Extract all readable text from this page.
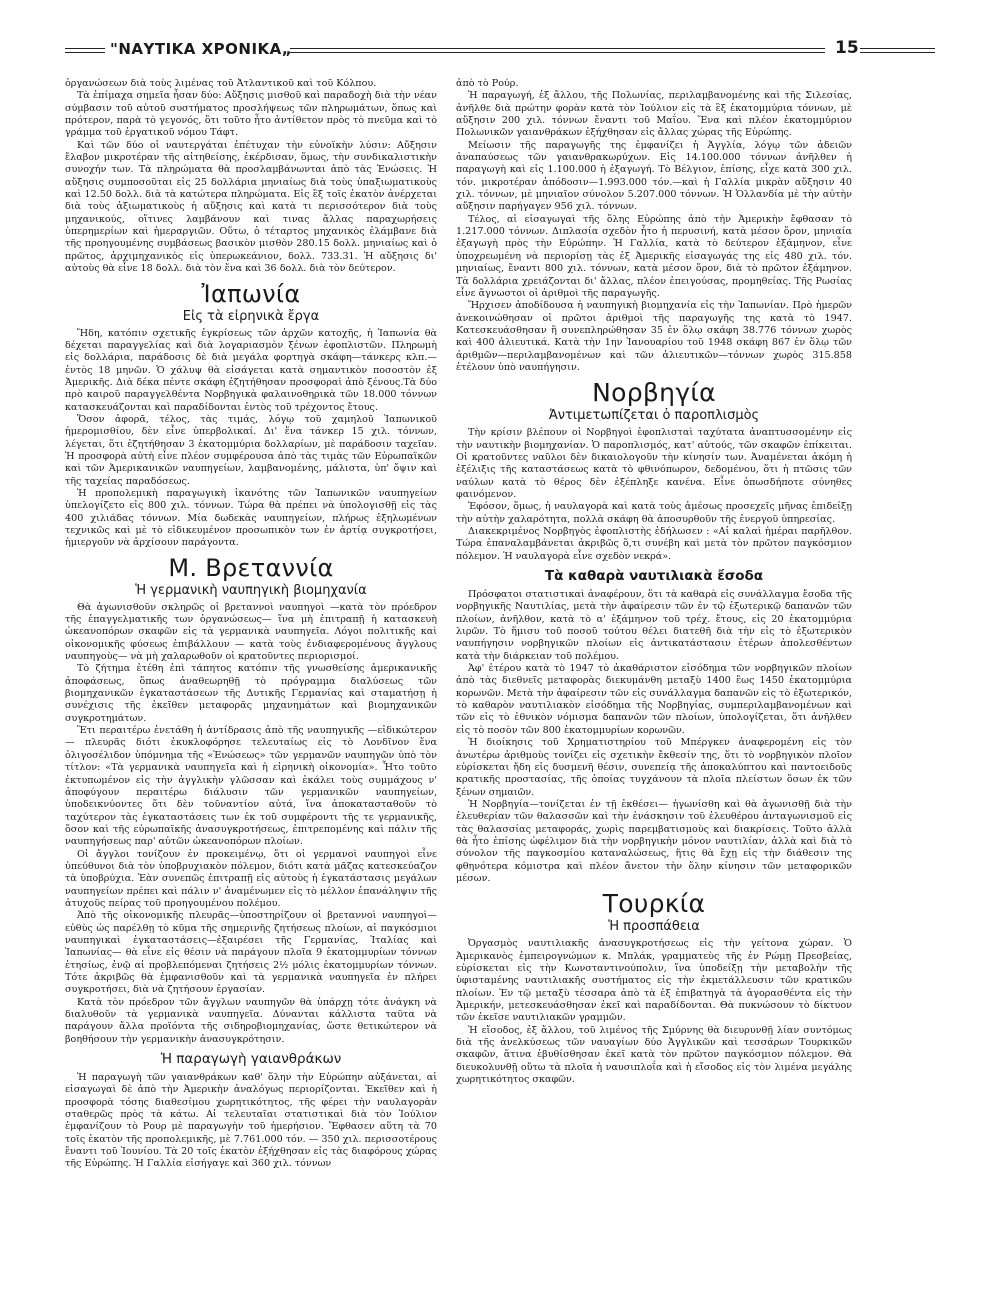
"ΝΑΥΤΙΚΑ ΧΡΟΝΙΚΑ„	15

ὀργανώσεων διὰ τοὺς λιμένας τοῦ Ἀτλαντικοῦ καὶ τοῦ Κόλπου.

Τὰ ἐπίμαχα σημεῖα ἦσαν δύο: Αὔξησις μισθοῦ καὶ παραδοχὴ διὰ τὴν νέαν σύμβασιν τοῦ αὐτοῦ συστήματος προσλήψεως τῶν πληρωμάτων, ὅπως καὶ πρότερον, παρὰ τὸ γεγονός, ὅτι τοῦτο ἦτο ἀντίθετον πρὸς τὸ πνεῦμα καὶ τὸ γράμμα τοῦ ἐργατικοῦ νόμου Τάφτ.

Καὶ τῶν δύο οἱ ναυτεργάται ἐπέτυχαν τὴν εὐνοϊκὴν λύσιν: Αὔξησιν ἔλαβον μικροτέραν τῆς αἰτηθείσης, ἐκέρδισαν, ὅμως, τὴν συνδικαλιστικὴν συνοχήν των. Τὰ πληρώματα θὰ προσλαμβάνωνται ἀπὸ τὰς Ἑνώσεις. Ἡ αὔξησις συμποσοῦται εἰς 25 δολλάρια μηνιαίως διὰ τοὺς ὑπαξιωματικοὺς καὶ 12.50 δολλ. διὰ τὰ κατώτερα πληρώματα. Εἰς ἓξ τοῖς ἑκατὸν ἀνέρχεται διὰ τοὺς ἀξιωματικοὺς ἡ αὔξησις καὶ κατὰ τι περισσότερον διὰ τοὺς μηχανικούς, οἵτινες λαμβάνουν καὶ τινας ἄλλας παραχωρήσεις ὑπερημερίων καὶ ἡμεραργιῶν. Οὕτω, ὁ τέταρτος μηχανικὸς ἐλάμβανε διὰ τῆς προηγουμένης συμβάσεως βασικὸν μισθὸν 280.15 δολλ. μηνιαίως καὶ ὁ πρῶτος, ἀρχιμηχανικὸς εἰς ὑπερωκεάνιον, δολλ. 733.31. Ἡ αὔξησις δι' αὐτοὺς θὰ εἶνε 18 δολλ. διὰ τὸν ἕνα καὶ 36 δολλ. διὰ τὸν δεύτερον.

Ἰαπωνία
Εἰς τὰ εἰρηνικὰ ἔργα

Ἤδη, κατόπιν σχετικῆς ἐγκρίσεως τῶν ἀρχῶν κατοχῆς, ἡ Ἰαπωνία θὰ δέχεται παραγγελίας καὶ διὰ λογαριασμὸν ξένων ἐφοπλιστῶν. Πληρωμὴ εἰς δολλάρια, παράδοσις δὲ διὰ μεγάλα φορτηγὰ σκάφη—τάνκερς κλπ.—ἐντὸς 18 μηνῶν. Ὁ χάλυψ θὰ εἰσάγεται κατὰ σημαντικὸν ποσοστὸν ἐξ Ἀμερικῆς. Διὰ δέκα πέντε σκάφη ἐζητήθησαν προσφοραὶ ἀπὸ ξένους.Τὰ δύο πρὸ καιροῦ παραγγελθέντα Νορβηγικὰ φαλαινοθηρικὰ τῶν 18.000 τόννων κατασκευάζονται καὶ παραδίδονται ἐντὸς τοῦ τρέχοντος ἔτους.

Ὅσον ἀφορᾶ, τέλος, τὰς τιμάς, λόγῳ τοῦ χαμηλοῦ Ἰαπωνικοῦ ἡμερομισθίου, δὲν εἶνε ὑπερβολικαί. Δι' ἕνα τάνκερ 15 χιλ. τόννων, λέγεται, ὅτι ἐζητήθησαν 3 ἑκατομμύρια δολλαρίων, μὲ παράδοσιν ταχεῖαν. Ἡ προσφορὰ αὐτὴ εἶνε πλέον συμφέρουσα ἀπὸ τὰς τιμὰς τῶν Εὐρωπαϊκῶν καὶ τῶν Ἀμερικανικῶν ναυπηγείων, λαμβανομένης, μάλιστα, ὑπ' ὄψιν καὶ τῆς ταχείας παραδόσεως.

Ἡ προπολεμικὴ παραγωγικὴ ἱκανότης τῶν Ἰαπωνικῶν ναυπηγείων ὑπελογίζετο εἰς 800 χιλ. τόννων. Τώρα θὰ πρέπει νὰ ὑπολογισθῇ εἰς τὰς 400 χιλιάδας τόννων. Μία δωδεκὰς ναυπηγείων, πλήρως ἐξηλωμένων τεχνικῶς καὶ μὲ τὸ εἰδικευμένον προσωπικὸν των ἐν ἀρτίᾳ συγκροτήσει, ἡμιεργοῦν νὰ ἀρχίσουν παράγοντα.

Μ. Βρεταννία
Ἡ γερμανικὴ ναυπηγικὴ βιομηχανία

Θὰ ἀγωνισθοῦν σκληρῶς οἱ βρεταννοὶ ναυπηγοὶ —κατὰ τὸν πρόεδρον τῆς ἐπαγγελματικῆς των ὀργανώσεως— ἵνα μὴ ἐπιτραπῇ ἡ κατασκευὴ ὠκεανοπόρων σκαφῶν εἰς τὰ γερμανικὰ ναυπηγεῖα. Λόγοι πολιτικῆς καὶ οἰκονομικῆς φύσεως ἐπιβάλλουν — κατὰ τοὺς ἐνδιαφερομένους ἄγγλους ναυπηγοὺς— νὰ μὴ χαλαρωθοῦν οἱ κρατοῦντες περιορισμοί.

Τὸ ζήτημα ἐτέθη ἐπὶ τάπητος κατόπιν τῆς γνωσθείσης ἀμερικανικῆς ἀποφάσεως, ὅπως ἀναθεωρηθῇ τὸ πρόγραμμα διαλύσεως τῶν βιομηχανικῶν ἐγκαταστάσεων τῆς Δυτικῆς Γερμανίας καὶ σταματήσῃ ἡ συνέχισις τῆς ἐκεῖθεν μεταφορᾶς μηχανημάτων καὶ βιομηχανικῶν συγκροτημάτων.

Ἔτι περαιτέρω ἐνετάθη ἡ ἀντίδρασις ἀπὸ τῆς ναυπηγικῆς —εἰδικώτερον— πλευρᾶς διότι ἐκυκλοφόρησε τελευταίως εἰς τὸ Λονδῖνον ἕνα ὀλιγοσέλιδον ὑπόμνημα τῆς «Ἑνώσεως» τῶν γερμανῶν ναυπηγῶν ὑπὸ τὸν τίτλον: «Τὰ γερμανικὰ ναυπηγεῖα καὶ ἡ εἰρηνικὴ οἰκονομία». Ἦτο τοῦτο ἐκτυπωμένον εἰς τὴν ἀγγλικὴν γλῶσσαν καὶ ἐκάλει τοὺς συμμάχους ν' ἀποφύγουν περαιτέρω διάλυσιν τῶν γερμανικῶν ναυπηγείων, ὑποδεικνύοντες ὅτι δὲν τοῦναντίον αὐτά, ἵνα ἀποκατασταθοῦν τὸ ταχύτερον τὰς ἐγκαταστάσεις των ἐκ τοῦ συμφέροντι τῆς τε γερμανικῆς, ὅσον καὶ τῆς εὐρωπαϊκῆς ἀνασυγκροτήσεως, ἐπιτρεπομένης καὶ πάλιν τῆς ναυπηγήσεως παρ' αὐτῶν ὠκεανοπόρων πλοίων.

Οἱ ἄγγλοι τονίζουν ἐν προκειμένῳ, ὅτι οἱ γερμανοὶ ναυπηγοὶ εἶνε ὑπεύθυνοι διὰ τὸν ὑποβρυχιακὸν πόλεμον, διότι κατὰ μᾶζας κατεσκεύαζον τὰ ὑποβρύχια. Ἐὰν συνεπῶς ἐπιτραπῇ εἰς αὐτοὺς ἡ ἐγκατάστασις μεγάλων ναυπηγείων πρέπει καὶ πάλιν ν' ἀναμένωμεν εἰς τὸ μέλλον ἐπανάληψιν τῆς ἀτυχοῦς πείρας τοῦ προηγουμένου πολέμου.

Ἀπὸ τῆς οἰκονομικῆς πλευρᾶς—ὑποστηρίζουν οἱ βρεταννοὶ ναυπηγοὶ—εὐθὺς ὡς παρέλθῃ τὸ κῦμα τῆς σημερινῆς ζητήσεως πλοίων, αἱ παγκόσμιοι ναυπηγικαὶ ἐγκαταστάσεις—ἐξαιρέσει τῆς Γερμανίας, Ἰταλίας καὶ Ἰαπωνίας— θὰ εἶνε εἰς θέσιν νὰ παράγουν πλοῖα 9 ἑκατομμυρίων τόννων ἐτησίως, ἐνῷ αἱ προβλεπόμεναι ζητήσεις 2½ μόλις ἑκατομμυρίων τόννων. Τότε ἀκριβῶς θὰ ἐμφανισθοῦν καὶ τὰ γερμανικὰ ναυπηγεῖα ἐν πλήρει συγκροτήσει, διὰ νὰ ζητήσουν ἐργασίαν.

Κατὰ τὸν πρόεδρον τῶν ἄγγλων ναυπηγῶν θὰ ὑπάρχῃ τότε ἀνάγκη νὰ διαλυθοῦν τὰ γερμανικὰ ναυπηγεῖα. Δύνανται κάλλιστα ταῦτα νὰ παράγουν ἄλλα προϊόντα τῆς σιδηροβιομηχανίας, ὥστε θετικώτερον νὰ βοηθήσουν τὴν γερμανικὴν ἀνασυγκρότησιν.

Ἡ παραγωγὴ γαιανθράκων

Ἡ παραγωγὴ τῶν γαιανθράκων καθ' ὅλην τὴν Εὐρώπην αὐξάνεται, αἱ εἰσαγωγαὶ δὲ ἀπὸ τὴν Ἀμερικὴν ἀναλόγως περιορίζονται. Ἐκεῖθεν καὶ ἡ προσφορὰ τόσης διαθεσίμου χωρητικότητος, τῆς φέρει τὴν ναυλαγορὰν σταθερῶς πρὸς τὰ κάτω. Αἱ τελευταῖαι στατιστικαὶ διὰ τὸν Ἰούλιον ἐμφανίζουν τὸ Ρουρ μὲ παραγωγὴν τοῦ ἡμερήσιον. Ἔφθασεν αὕτη τὰ 70 τοῖς ἑκατὸν τῆς προπολεμικῆς, μὲ 7.761.000 τόν. — 350 χιλ. περισσοτέρους ἔναντι τοῦ Ἰουνίου. Τὰ 20 τοῖς ἑκατὸν ἐξήχθησαν εἰς τὰς διαφόρους χώρας τῆς Εὐρώπης. Ἡ Γαλλία εἰσήγαγε καὶ 360 χιλ. τόννων

ἀπὸ τὸ Ρούρ.

Ἡ παραγωγή, ἐξ ἄλλου, τῆς Πολωνίας, περιλαμβανομένης καὶ τῆς Σιλεσίας, ἀνῆλθε διὰ πρώτην φορὰν κατὰ τὸν Ἰούλιον εἰς τὰ ἓξ ἑκατομμύρια τόννων, μὲ αὔξησιν 200 χιλ. τόννων ἔναντι τοῦ Μαΐου. Ἕνα καὶ πλέον ἑκατομμύριον Πολωνικῶν γαιανθράκων ἐξήχθησαν εἰς ἄλλας χώρας τῆς Εὐρώπης.

Μείωσιν τῆς παραγωγῆς της ἐμφανίζει ἡ Ἀγγλία, λόγῳ τῶν ἀδειῶν ἀναπαύσεως τῶν γαιανθρακωρύχων. Εἰς 14.100.000 τόννων ἀνῆλθεν ἡ παραγωγὴ καὶ εἰς 1.100.000 ἡ ἐξαγωγή. Τὸ Βέλγιον, ἐπίσης, εἶχε κατὰ 300 χιλ. τόν. μικροτέραν ἀπόδοσιν—1.993.000 τόν.—καὶ ἡ Γαλλία μικρὰν αὔξησιν 40 χιλ. τόννων, μὲ μηνιαῖον σύνολον 5.207.000 τόννων. Ἡ Ὁλλανδία μὲ τὴν αὐτὴν αὔξησιν παρήγαγεν 956 χιλ. τόννων.

Τέλος, αἱ εἰσαγωγαὶ τῆς ὅλης Εὐρώπης ἀπὸ τὴν Ἀμερικὴν ἔφθασαν τὸ 1.217.000 τόννων. Διπλασία σχεδὸν ἦτο ἡ περυσινή, κατὰ μέσον ὅρον, μηνιαία ἐξαγωγὴ πρὸς τὴν Εὐρώπην. Ἡ Γαλλία, κατὰ τὸ δεύτερον ἑξάμηνον, εἶνε ὑποχρεωμένη νὰ περιορίσῃ τὰς ἐξ Ἀμερικῆς εἰσαγωγάς της εἰς 480 χιλ. τόν. μηνιαίως, ἔναντι 800 χιλ. τόννων, κατὰ μέσον ὅρον, διὰ τὸ πρῶτον ἑξάμηνον. Τὰ δολλάρια χρειάζονται δι' ἄλλας, πλέον ἐπειγούσας, προμηθείας. Τῆς Ρωσίας εἶνε ἄγνωστοι οἱ ἀριθμοὶ τῆς παραγωγῆς.

Ἤρχισεν ἀποδίδουσα ἡ ναυπηγικὴ βιομηχανία εἰς τὴν Ἰαπωνίαν. Πρὸ ἡμερῶν ἀνεκοινώθησαν οἱ πρῶτοι ἀριθμοὶ τῆς παραγωγῆς της κατὰ τὸ 1947. Κατεσκευάσθησαν ἢ συνεπληρώθησαν 35 ἐν ὅλῳ σκάφη 38.776 τόννων χωρὸς καὶ 400 ἁλιευτικά. Κατὰ τὴν 1ην Ἰανουαρίου τοῦ 1948 σκάφη 867 ἐν ὅλῳ τῶν ἀριθμῶν—περιλαμβανομένων καὶ τῶν ἁλιευτικῶν—τόννων χωρὸς 315.858 ἐτέλουν ὑπὸ ναυπήγησιν.

Νορβηγία
Ἀντιμετωπίζεται ὁ παροπλισμὸς

Τὴν κρίσιν βλέπουν οἱ Νορβηγοὶ ἐφοπλισταὶ ταχύτατα ἀναπτυσσομένην εἰς τὴν ναυτικὴν βιομηχανίαν. Ὁ παροπλισμός, κατ' αὐτούς, τῶν σκαφῶν ἐπίκειται. Οἱ κρατοῦντες ναῦλοι δὲν δικαιολογοῦν τὴν κίνησίν των. Ἀναμένεται ἀκόμη ἡ ἐξέλιξις τῆς καταστάσεως κατὰ τὸ φθινόπωρον, δεδομένου, ὅτι ἡ πτῶσις τῶν ναύλων κατὰ τὸ θέρος δὲν ἐξέπληξε κανένα. Εἶνε ὁπωσδήποτε σύνηθες φαινόμενον.

Ἐφόσον, ὅμως, ἡ ναυλαγορὰ καὶ κατὰ τοὺς ἀμέσως προσεχεῖς μῆνας ἐπιδείξῃ τὴν αὐτὴν χαλαρότητα, πολλὰ σκάφη θὰ ἀποσυρθοῦν τῆς ἐνεργοῦ ὑπηρεσίας.

Διακεκριμένος Νορβηγὸς ἐφοπλιστὴς ἐδήλωσεν : «Αἱ καλαὶ ἡμέραι παρῆλθον. Τώρα ἐπαναλαμβάνεται ἀκριβῶς ὅ,τι συνέβη καὶ μετὰ τὸν πρῶτον παγκόσμιον πόλεμον. Ἡ ναυλαγορὰ εἶνε σχεδὸν νεκρά».

Τὰ καθαρὰ ναυτιλιακὰ ἔσοδα

Πρόσφατοι στατιστικαὶ ἀναφέρουν, ὅτι τὰ καθαρὰ εἰς συνάλλαγμα ἔσοδα τῆς νορβηγικῆς Ναυτιλίας, μετὰ τὴν ἀφαίρεσιν τῶν ἐν τῷ ἐξωτερικῷ δαπανῶν τῶν πλοίων, ἀνῆλθον, κατὰ τὸ α' ἑξάμηνον τοῦ τρέχ. ἔτους, εἰς 20 ἑκατομμύρια λιρῶν. Τὸ ἥμισυ τοῦ ποσοῦ τούτου θέλει διατεθῆ διὰ τὴν εἰς τὸ ἐξωτερικὸν ναυπήγησιν νορβηγικῶν πλοίων εἰς ἀντικατάστασιν ἑτέρων ἀπολεσθέντων κατὰ τὴν διάρκειαν τοῦ πολέμου.

Ἀφ' ἑτέρου κατὰ τὸ 1947 τὸ ἀκαθάριστον εἰσόδημα τῶν νορβηγικῶν πλοίων ἀπὸ τὰς διεθνεῖς μεταφορὰς διεκυμάνθη μεταξὺ 1400 ἕως 1450 ἑκατομμύρια κορωνῶν. Μετὰ τὴν ἀφαίρεσιν τῶν εἰς συνάλλαγμα δαπανῶν εἰς τὸ ἐξωτερικόν, τὸ καθαρὸν ναυτιλιακὸν εἰσόδημα τῆς Νορβηγίας, συμπεριλαμβανομένων καὶ τῶν εἰς τὸ ἐθνικὸν νόμισμα δαπανῶν τῶν πλοίων, ὑπολογίζεται, ὅτι ἀνῆλθεν εἰς τὸ ποσὸν τῶν 800 ἑκατομμυρίων κορωνῶν.

Ἡ διοίκησις τοῦ Χρηματιστηρίου τοῦ Μπέργκεν ἀναφερομένη εἰς τὸν ἀνωτέρω ἀριθμοὺς τονίζει εἰς σχετικὴν ἔκθεσίν της, ὅτι τὸ νορβηγικὸν πλοῖον εὑρίσκεται ἤδη εἰς δυσμενῆ θέσιν, συνεπείᾳ τῆς ἀποκαλύπτου καὶ παντοειδοῦς κρατικῆς προστασίας, τῆς ὁποίας τυγχάνουν τὰ πλοῖα πλείστων ὅσων ἐκ τῶν ξένων σημαιῶν.

Ἡ Νορβηγία—τονίζεται ἐν τῇ ἐκθέσει— ἠγωνίσθη καὶ θὰ ἀγωνισθῇ διὰ τὴν ἐλευθερίαν τῶν θαλασσῶν καὶ τὴν ἐνάσκησιν τοῦ ἐλευθέρου ἀνταγωνισμοῦ εἰς τὰς θαλασσίας μεταφοράς, χωρὶς παρεμβατισμοὺς καὶ διακρίσεις. Τοῦτο ἀλλὰ θὰ ἦτο ἐπίσης ὠφέλιμον διὰ τὴν νορβηγικὴν μόνον ναυτιλίαν, ἀλλὰ καὶ διὰ τὸ σύνολον τῆς παγκοσμίου καταναλώσεως, ἥτις θὰ ἔχῃ εἰς τὴν διάθεσιν της φθηνότερα κόμιστρα καὶ πλέον ἄνετον τὴν ὅλην κίνησιν τῶν μεταφορικῶν μέσων.

Τουρκία
Ἡ προσπάθεια

Ὀργασμὸς ναυτιλιακῆς ἀνασυγκροτήσεως εἰς τὴν γείτονα χώραν. Ὁ Ἀμερικανὸς ἐμπειρογνώμων κ. Μπλάκ, γραμματεὺς τῆς ἐν Ρώμῃ Πρεσβείας, εὑρίσκεται εἰς τὴν Κωνσταντινούπολιν, ἵνα ὑποδείξῃ τὴν μεταβολὴν τῆς ὑφισταμένης ναυτιλιακῆς συστήματος εἰς τὴν ἐκμετάλλευσιν τῶν κρατικῶν πλοίων. Ἐν τῷ μεταξὺ τέσσαρα ἀπὸ τὰ ἐξ ἐπιβατηγὰ τὰ ἀγορασθέντα εἰς τὴν Ἀμερικήν, μετεσκευάσθησαν ἐκεῖ καὶ παραδίδονται. Θὰ πυκνώσουν τὸ δίκτυον τῶν ἐκεῖσε ναυτιλιακῶν γραμμῶν.

Ἡ εἴσοδος, ἐξ ἄλλου, τοῦ λιμένος τῆς Σμύρνης θὰ διευρυνθῇ λίαν συντόμως διὰ τῆς ἀνελκύσεως τῶν ναυαγίων δύο Ἀγγλικῶν καὶ τεσσάρων Τουρκικῶν σκαφῶν, ἅτινα ἐβυθίσθησαν ἐκεῖ κατὰ τὸν πρῶτον παγκόσμιον πόλεμον. Θὰ διευκολυνθῇ οὕτω τὰ πλοῖα ἡ ναυσιπλοΐα καὶ ἡ εἴσοδος εἰς τὸν λιμένα μεγάλης χωρητικότητος σκαφῶν.
